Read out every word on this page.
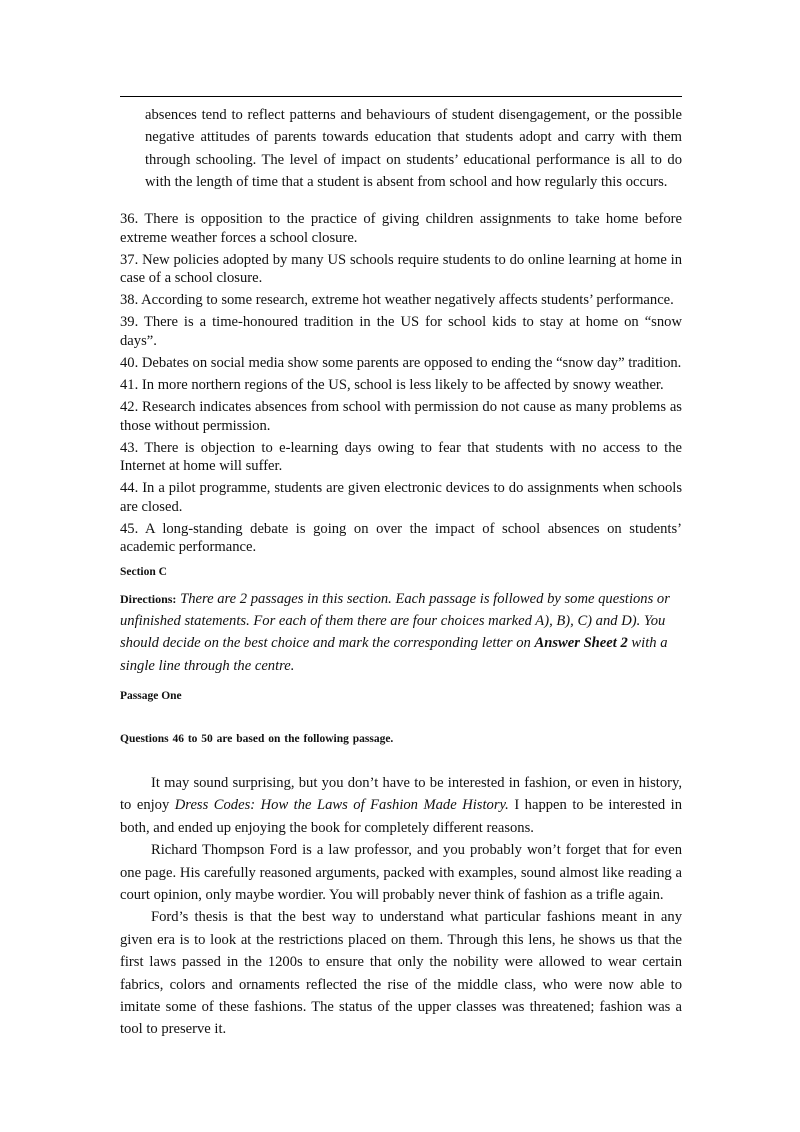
absences tend to reflect patterns and behaviours of student disengagement, or the possible negative attitudes of parents towards education that students adopt and carry with them through schooling. The level of impact on students’ educational performance is all to do with the length of time that a student is absent from school and how regularly this occurs.
36. There is opposition to the practice of giving children assignments to take home before extreme weather forces a school closure.
37. New policies adopted by many US schools require students to do online learning at home in case of a school closure.
38. According to some research, extreme hot weather negatively affects students’ performance.
39. There is a time-honoured tradition in the US for school kids to stay at home on “snow days”.
40. Debates on social media show some parents are opposed to ending the “snow day” tradition.
41. In more northern regions of the US, school is less likely to be affected by snowy weather.
42. Research indicates absences from school with permission do not cause as many problems as those without permission.
43. There is objection to e-learning days owing to fear that students with no access to the Internet at home will suffer.
44. In a pilot programme, students are given electronic devices to do assignments when schools are closed.
45. A long-standing debate is going on over the impact of school absences on students’ academic performance.
Section C
Directions: There are 2 passages in this section. Each passage is followed by some questions or unfinished statements. For each of them there are four choices marked A), B), C) and D). You should decide on the best choice and mark the corresponding letter on Answer Sheet 2 with a single line through the centre.
Passage One
Questions 46 to 50 are based on the following passage.

It may sound surprising, but you don’t have to be interested in fashion, or even in history, to enjoy Dress Codes: How the Laws of Fashion Made History. I happen to be interested in both, and ended up enjoying the book for completely different reasons.

Richard Thompson Ford is a law professor, and you probably won’t forget that for even one page. His carefully reasoned arguments, packed with examples, sound almost like reading a court opinion, only maybe wordier. You will probably never think of fashion as a trifle again.

Ford’s thesis is that the best way to understand what particular fashions meant in any given era is to look at the restrictions placed on them. Through this lens, he shows us that the first laws passed in the 1200s to ensure that only the nobility were allowed to wear certain fabrics, colors and ornaments reflected the rise of the middle class, who were now able to imitate some of these fashions. The status of the upper classes was threatened; fashion was a tool to preserve it.
